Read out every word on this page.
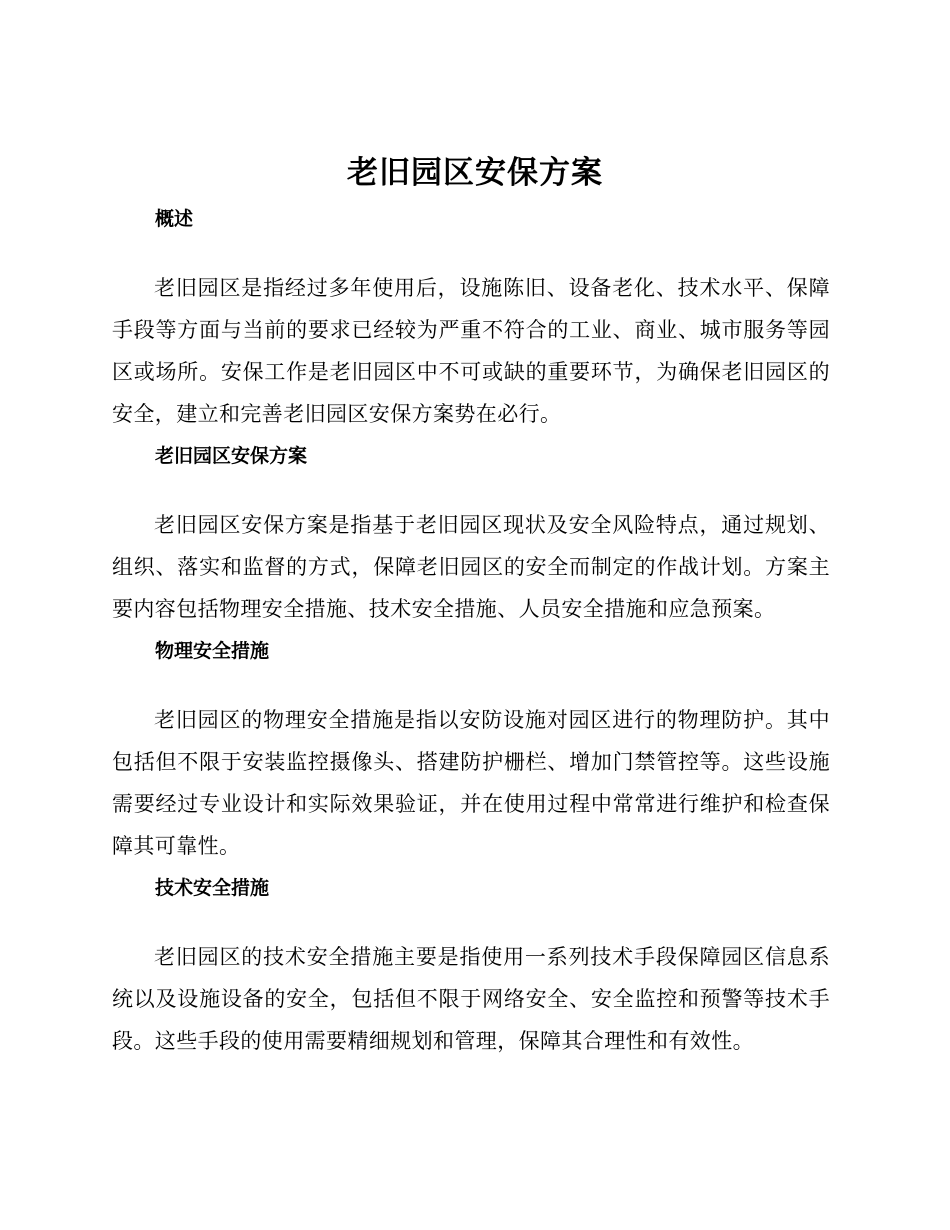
老旧园区安保方案
概述

老旧园区是指经过多年使用后，设施陈旧、设备老化、技术水平、保障手段等方面与当前的要求已经较为严重不符合的工业、商业、城市服务等园区或场所。安保工作是老旧园区中不可或缺的重要环节，为确保老旧园区的安全，建立和完善老旧园区安保方案势在必行。

老旧园区安保方案

老旧园区安保方案是指基于老旧园区现状及安全风险特点，通过规划、组织、落实和监督的方式，保障老旧园区的安全而制定的作战计划。方案主要内容包括物理安全措施、技术安全措施、人员安全措施和应急预案。

物理安全措施

老旧园区的物理安全措施是指以安防设施对园区进行的物理防护。其中包括但不限于安装监控摄像头、搭建防护栅栏、增加门禁管控等。这些设施需要经过专业设计和实际效果验证，并在使用过程中常常进行维护和检查保障其可靠性。

技术安全措施

老旧园区的技术安全措施主要是指使用一系列技术手段保障园区信息系统以及设施设备的安全，包括但不限于网络安全、安全监控和预警等技术手段。这些手段的使用需要精细规划和管理，保障其合理性和有效性。
